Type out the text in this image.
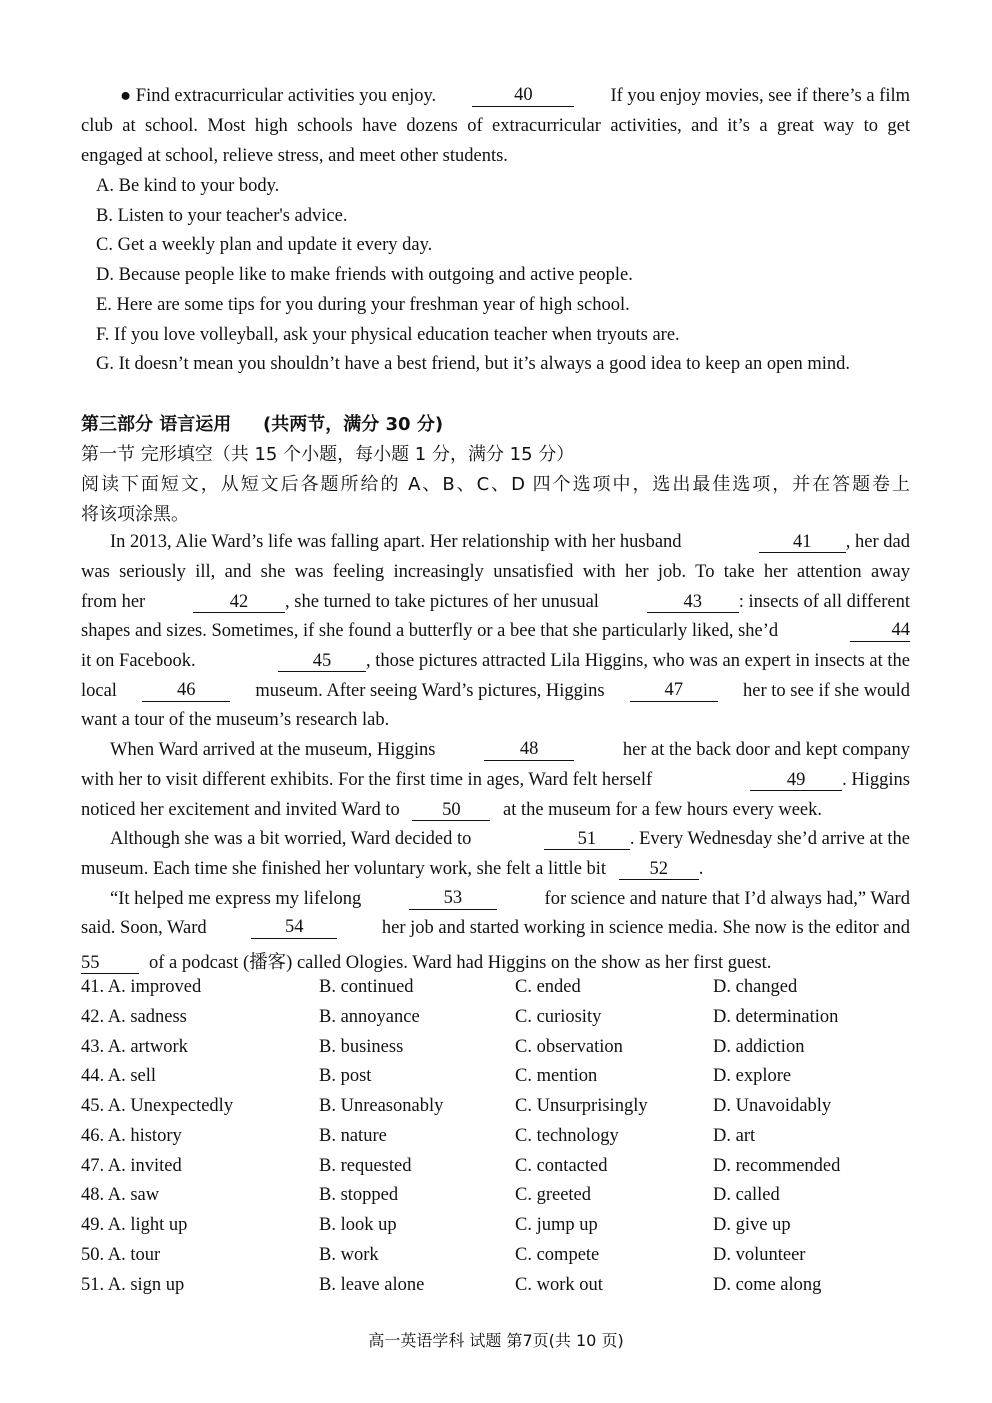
● Find extracurricular activities you enjoy.	40	If you enjoy movies, see if there’s a film
club at school. Most high schools have dozens of extracurricular activities, and it’s a great way to get
engaged at school, relieve stress, and meet other students.
A. Be kind to your body.
B. Listen to your teacher's advice.
C. Get a weekly plan and update it every day.
D. Because people like to make friends with outgoing and active people.
E. Here are some tips for you during your freshman year of high school.
F. If you love volleyball, ask your physical education teacher when tryouts are.
G. It doesn’t mean you shouldn’t have a best friend, but it’s always a good idea to keep an open mind.
第三部分 语言运用 (共两节，满分 30 分)
第一节 完形填空（共 15 个小题，每小题 1 分，满分 15 分）
阅读下面短文，从短文后各题所给的 A、B、C、D 四个选项中，选出最佳选项，并在答题卷上
将该项涂黑。
In 2013, Alie Ward’s life was falling apart. Her relationship with her husband	41 , her dad
was seriously ill, and she was feeling increasingly unsatisfied with her job. To take her attention away
from her	42 , she turned to take pictures of her unusual	43 : insects of all different
shapes and sizes. Sometimes, if she found a butterfly or a bee that she particularly liked, she’d	44
it on Facebook.	45 , those pictures attracted Lila Higgins, who was an expert in insects at the
local	46	museum. After seeing Ward’s pictures, Higgins	47	her to see if she would
want a tour of the museum’s research lab.
When Ward arrived at the museum, Higgins	48	her at the back door and kept company
with her to visit different exhibits. For the first time in ages, Ward felt herself	49 . Higgins
noticed her excitement and invited Ward to 50 at the museum for a few hours every week.
Although she was a bit worried, Ward decided to	51 . Every Wednesday she’d arrive at the
museum. Each time she finished her voluntary work, she felt a little bit 52 .
“It helped me express my lifelong	53	for science and nature that I’d always had,” Ward
said. Soon, Ward	54	her job and started working in science media. She now is the editor and
55	of a podcast (播客) called Ologies. Ward had Higgins on the show as her first guest.
41. A. improved	B. continued	C. ended	D. changed
42. A. sadness	B. annoyance	C. curiosity	D. determination
43. A. artwork	B. business	C. observation	D. addiction
44. A. sell	B. post	C. mention	D. explore
45. A. Unexpectedly	B. Unreasonably	C. Unsurprisingly	D. Unavoidably
46. A. history	B. nature	C. technology	D. art
47. A. invited	B. requested	C. contacted	D. recommended
48. A. saw	B. stopped	C. greeted	D. called
49. A. light up	B. look up	C. jump up	D. give up
50. A. tour	B. work	C. compete	D. volunteer
51. A. sign up	B. leave alone	C. work out	D. come along
高一英语学科 试题 第7页(共 10 页)
